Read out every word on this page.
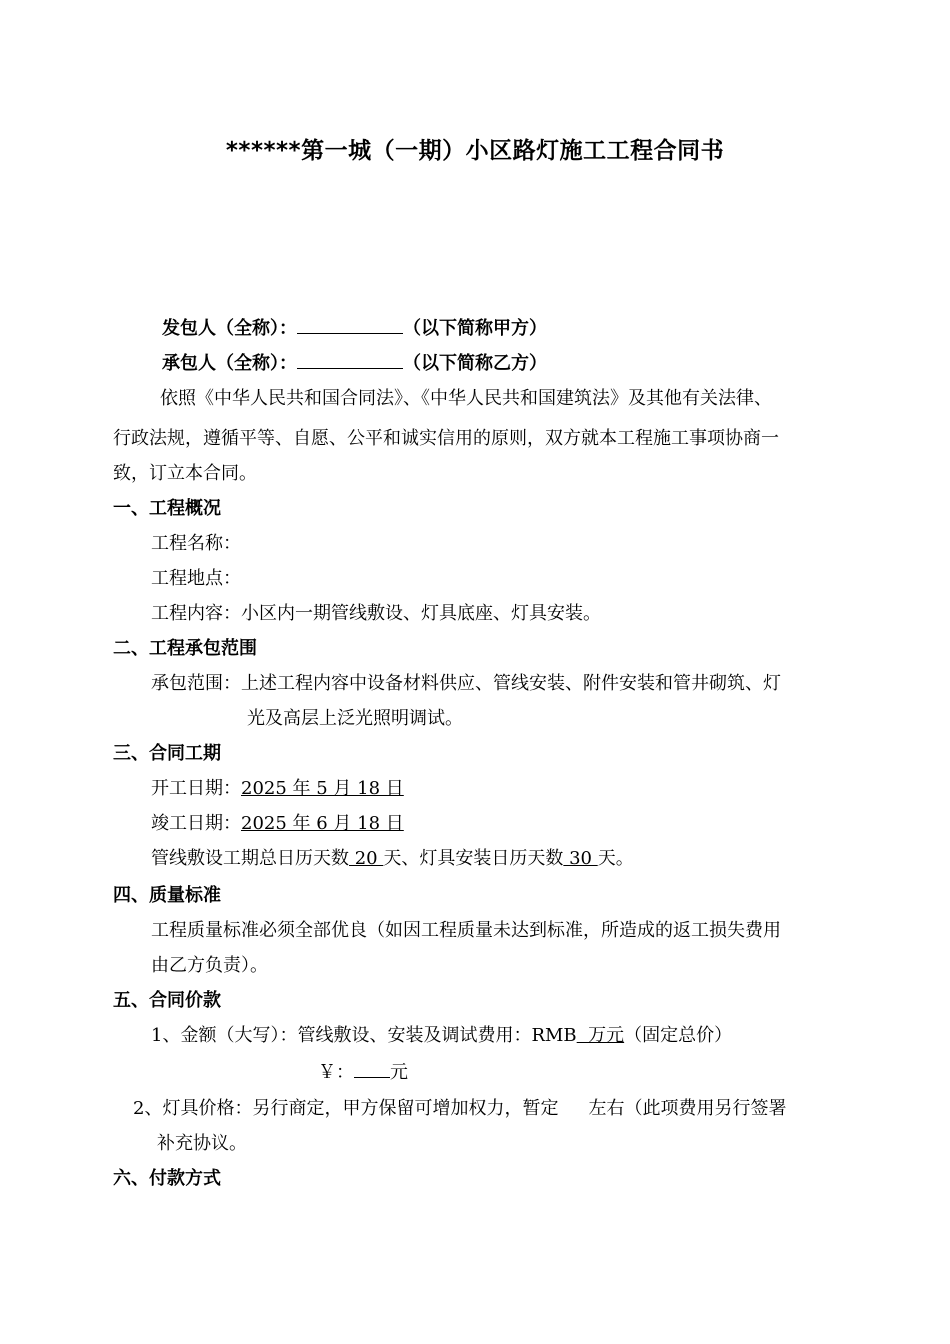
******第一城（一期）小区路灯施工工程合同书
发包人（全称）：	（以下简称甲方）
承包人（全称）：	（以下简称乙方）
依照《中华人民共和国合同法》、《中华人民共和国建筑法》及其他有关法律、
行政法规，遵循平等、自愿、公平和诚实信用的原则，双方就本工程施工事项协商一
致，订立本合同。
一、工程概况
工程名称：
工程地点：
工程内容：小区内一期管线敷设、灯具底座、灯具安装。
二、工程承包范围
承包范围：上述工程内容中设备材料供应、管线安装、附件安装和管井砌筑、灯
光及高层上泛光照明调试。
三、合同工期
开工日期：2025 年 5 月 18 日
竣工日期：2025 年 6 月 18 日
管线敷设工期总日历天数 20 天、灯具安装日历天数 30 天。
四、质量标准
工程质量标准必须全部优良（如因工程质量未达到标准，所造成的返工损失费用
由乙方负责）。
五、合同价款
1、金额（大写）：管线敷设、安装及调试费用：RMB  万元（固定总价）
￥： 元
2、灯具价格：另行商定，甲方保留可增加权力，暂定 左右（此项费用另行签署
补充协议。
六、付款方式
